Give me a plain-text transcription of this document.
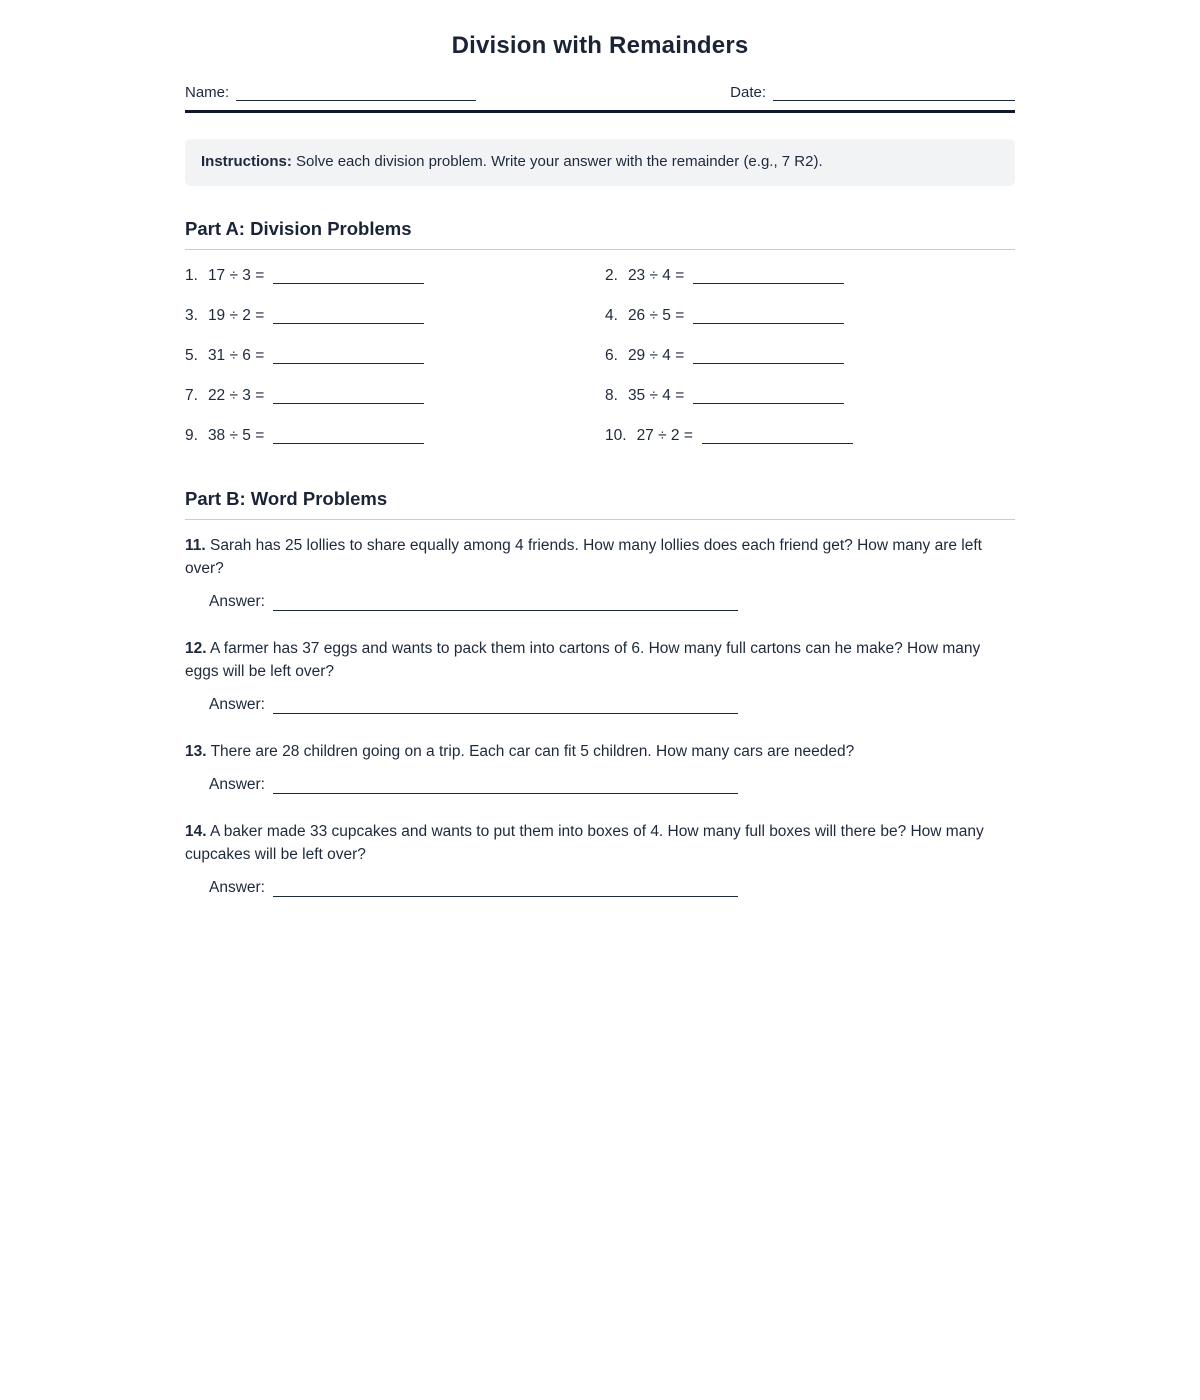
Division with Remainders
Name:	Date:
Instructions: Solve each division problem. Write your answer with the remainder (e.g., 7 R2).
Part A: Division Problems
1. 17 ÷ 3 =	2. 23 ÷ 4 =
3. 19 ÷ 2 =	4. 26 ÷ 5 =
5. 31 ÷ 6 =	6. 29 ÷ 4 =
7. 22 ÷ 3 =	8. 35 ÷ 4 =
9. 38 ÷ 5 =	10. 27 ÷ 2 =
Part B: Word Problems

11. Sarah has 25 lollies to share equally among 4 friends. How many lollies does each friend get? How many are left over?

Answer:

12. A farmer has 37 eggs and wants to pack them into cartons of 6. How many full cartons can he make? How many eggs will be left over?

Answer:

13. There are 28 children going on a trip. Each car can fit 5 children. How many cars are needed?

Answer:

14. A baker made 33 cupcakes and wants to put them into boxes of 4. How many full boxes will there be? How many cupcakes will be left over?

Answer:
